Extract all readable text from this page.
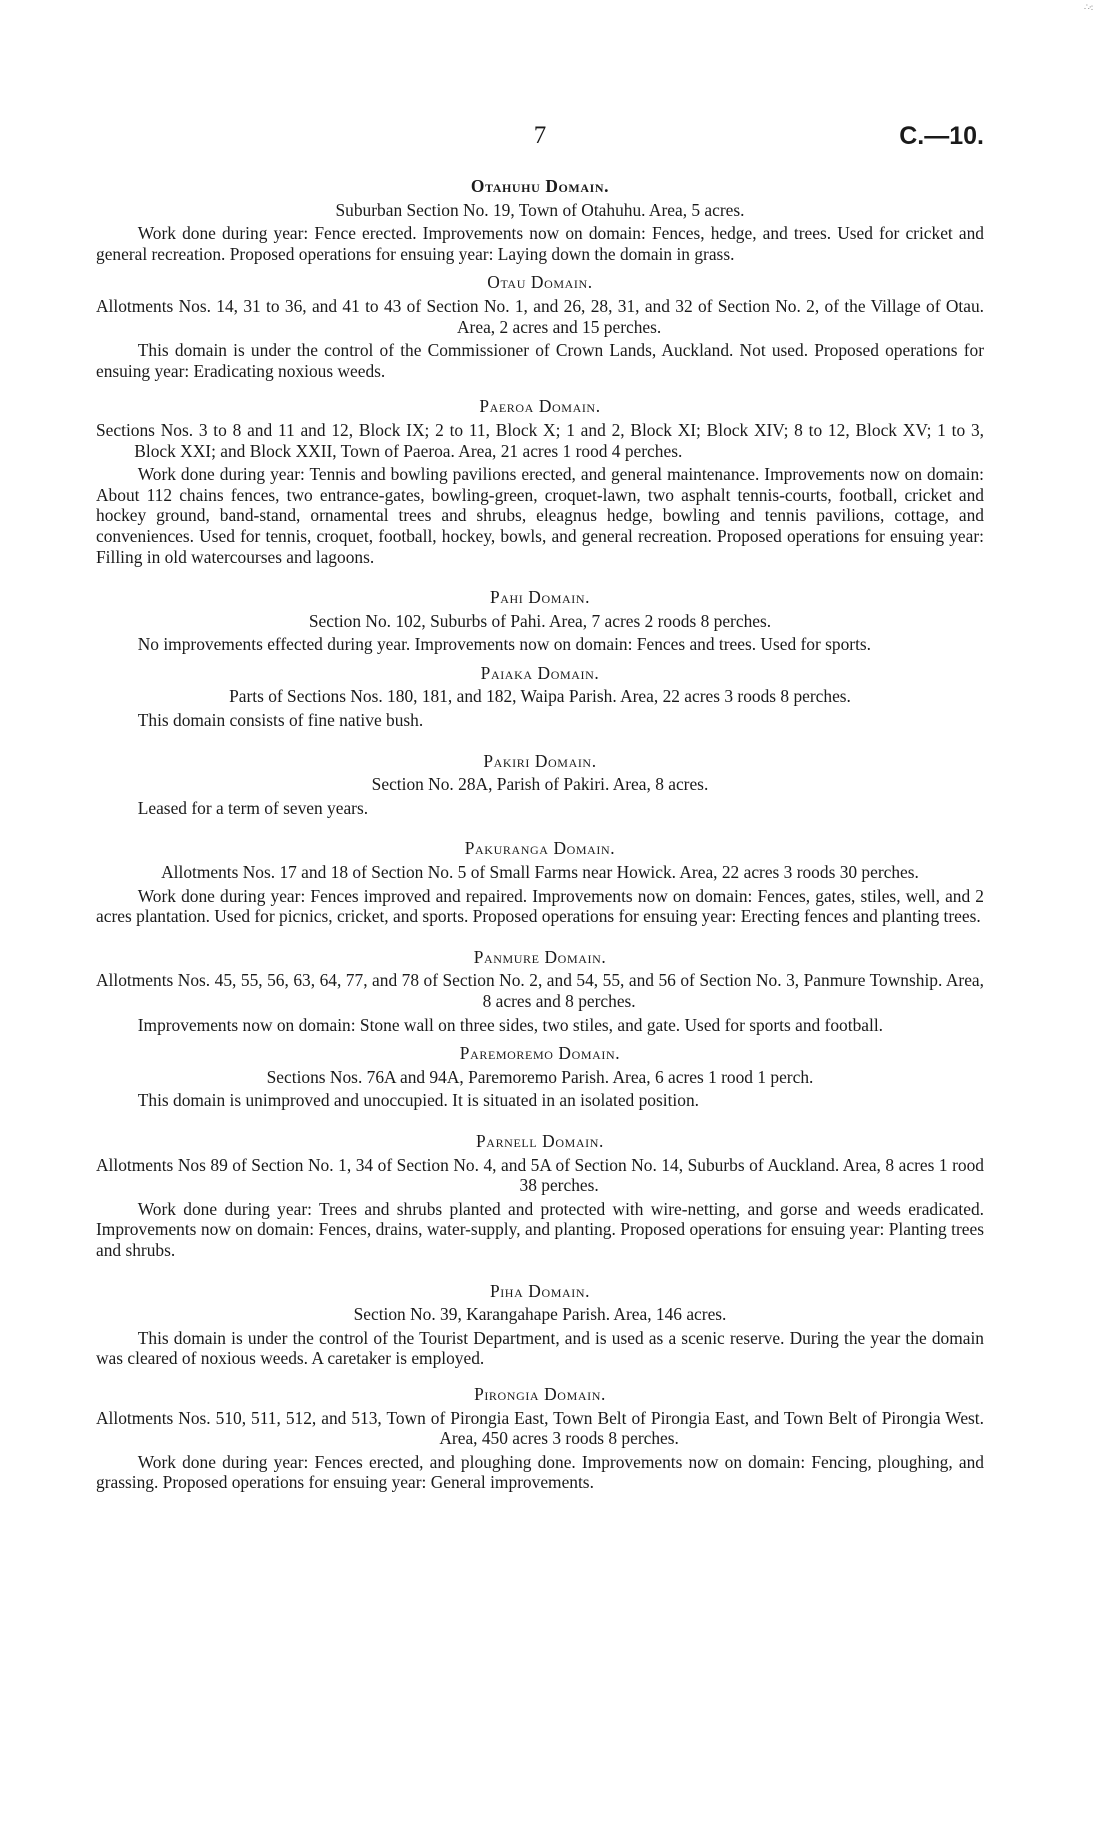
∴·:
7	C.—10.
Otahuhu Domain.
Suburban Section No. 19, Town of Otahuhu. Area, 5 acres.
Work done during year: Fence erected. Improvements now on domain: Fences, hedge, and trees. Used for cricket and general recreation. Proposed operations for ensuing year: Laying down the domain in grass.
Otau Domain.
Allotments Nos. 14, 31 to 36, and 41 to 43 of Section No. 1, and 26, 28, 31, and 32 of Section No. 2, of the Village of Otau. Area, 2 acres and 15 perches.
This domain is under the control of the Commissioner of Crown Lands, Auckland. Not used. Proposed operations for ensuing year: Eradicating noxious weeds.
Paeroa Domain.
Sections Nos. 3 to 8 and 11 and 12, Block IX; 2 to 11, Block X; 1 and 2, Block XI; Block XIV; 8 to 12, Block XV; 1 to 3, Block XXI; and Block XXII, Town of Paeroa. Area, 21 acres 1 rood 4 perches.
Work done during year: Tennis and bowling pavilions erected, and general maintenance. Improvements now on domain: About 112 chains fences, two entrance-gates, bowling-green, croquet-lawn, two asphalt tennis-courts, football, cricket and hockey ground, band-stand, ornamental trees and shrubs, eleagnus hedge, bowling and tennis pavilions, cottage, and conveniences. Used for tennis, croquet, football, hockey, bowls, and general recreation. Proposed operations for ensuing year: Filling in old watercourses and lagoons.
Pahi Domain.
Section No. 102, Suburbs of Pahi. Area, 7 acres 2 roods 8 perches.
No improvements effected during year. Improvements now on domain: Fences and trees. Used for sports.
Paiaka Domain.
Parts of Sections Nos. 180, 181, and 182, Waipa Parish. Area, 22 acres 3 roods 8 perches.
This domain consists of fine native bush.
Pakiri Domain.
Section No. 28A, Parish of Pakiri. Area, 8 acres.
Leased for a term of seven years.
Pakuranga Domain.
Allotments Nos. 17 and 18 of Section No. 5 of Small Farms near Howick. Area, 22 acres 3 roods 30 perches.
Work done during year: Fences improved and repaired. Improvements now on domain: Fences, gates, stiles, well, and 2 acres plantation. Used for picnics, cricket, and sports. Proposed operations for ensuing year: Erecting fences and planting trees.
Panmure Domain.
Allotments Nos. 45, 55, 56, 63, 64, 77, and 78 of Section No. 2, and 54, 55, and 56 of Section No. 3, Panmure Township. Area, 8 acres and 8 perches.
Improvements now on domain: Stone wall on three sides, two stiles, and gate. Used for sports and football.
Paremoremo Domain.
Sections Nos. 76A and 94A, Paremoremo Parish. Area, 6 acres 1 rood 1 perch.
This domain is unimproved and unoccupied. It is situated in an isolated position.
Parnell Domain.
Allotments Nos 89 of Section No. 1, 34 of Section No. 4, and 5A of Section No. 14, Suburbs of Auckland. Area, 8 acres 1 rood 38 perches.
Work done during year: Trees and shrubs planted and protected with wire-netting, and gorse and weeds eradicated. Improvements now on domain: Fences, drains, water-supply, and planting. Proposed operations for ensuing year: Planting trees and shrubs.
Piha Domain.
Section No. 39, Karangahape Parish. Area, 146 acres.
This domain is under the control of the Tourist Department, and is used as a scenic reserve. During the year the domain was cleared of noxious weeds. A caretaker is employed.
Pirongia Domain.
Allotments Nos. 510, 511, 512, and 513, Town of Pirongia East, Town Belt of Pirongia East, and Town Belt of Pirongia West. Area, 450 acres 3 roods 8 perches.
Work done during year: Fences erected, and ploughing done. Improvements now on domain: Fencing, ploughing, and grassing. Proposed operations for ensuing year: General improvements.
